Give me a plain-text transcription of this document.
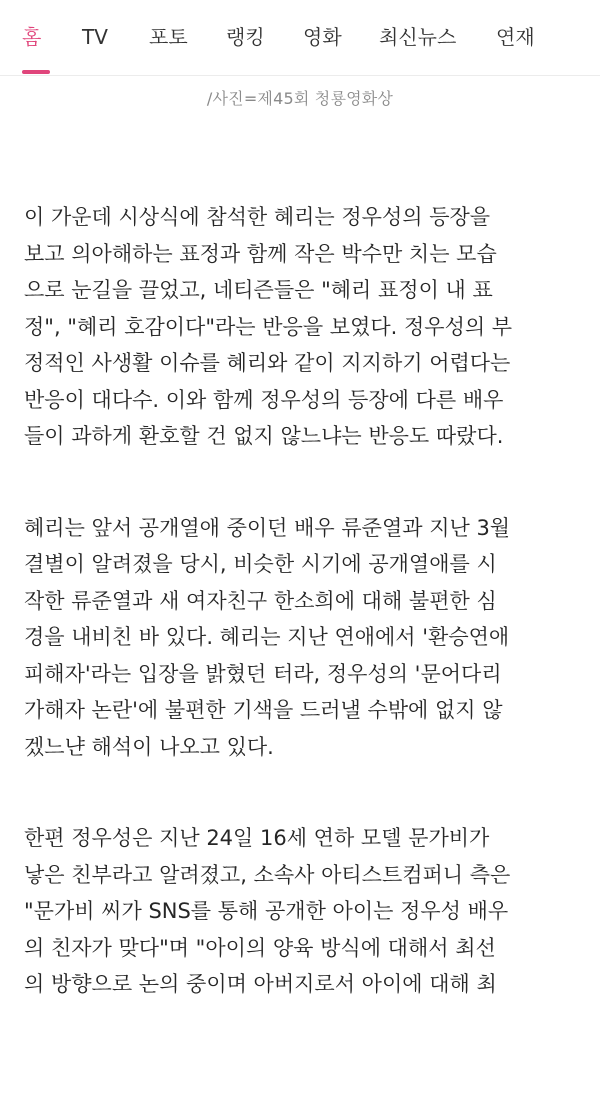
홈 TV 포토 랭킹 영화 최신뉴스 연재
/사진=제45회 청룡영화상

이 가운데 시상식에 참석한 혜리는 정우성의 등장을
보고 의아해하는 표정과 함께 작은 박수만 치는 모습
으로 눈길을 끌었고, 네티즌들은 "혜리 표정이 내 표
정", "혜리 호감이다"라는 반응을 보였다. 정우성의 부
정적인 사생활 이슈를 혜리와 같이 지지하기 어렵다는
반응이 대다수. 이와 함께 정우성의 등장에 다른 배우
들이 과하게 환호할 건 없지 않느냐는 반응도 따랐다.

혜리는 앞서 공개열애 중이던 배우 류준열과 지난 3월
결별이 알려졌을 당시, 비슷한 시기에 공개열애를 시
작한 류준열과 새 여자친구 한소희에 대해 불편한 심
경을 내비친 바 있다. 혜리는 지난 연애에서 '환승연애
피해자'라는 입장을 밝혔던 터라, 정우성의 '문어다리
가해자 논란'에 불편한 기색을 드러낼 수밖에 없지 않
겠느냔 해석이 나오고 있다.

한편 정우성은 지난 24일 16세 연하 모델 문가비가
낳은 친부라고 알려졌고, 소속사 아티스트컴퍼니 측은
"문가비 씨가 SNS를 통해 공개한 아이는 정우성 배우
의 친자가 맞다"며 "아이의 양육 방식에 대해서 최선
의 방향으로 논의 중이며 아버지로서 아이에 대해 최
